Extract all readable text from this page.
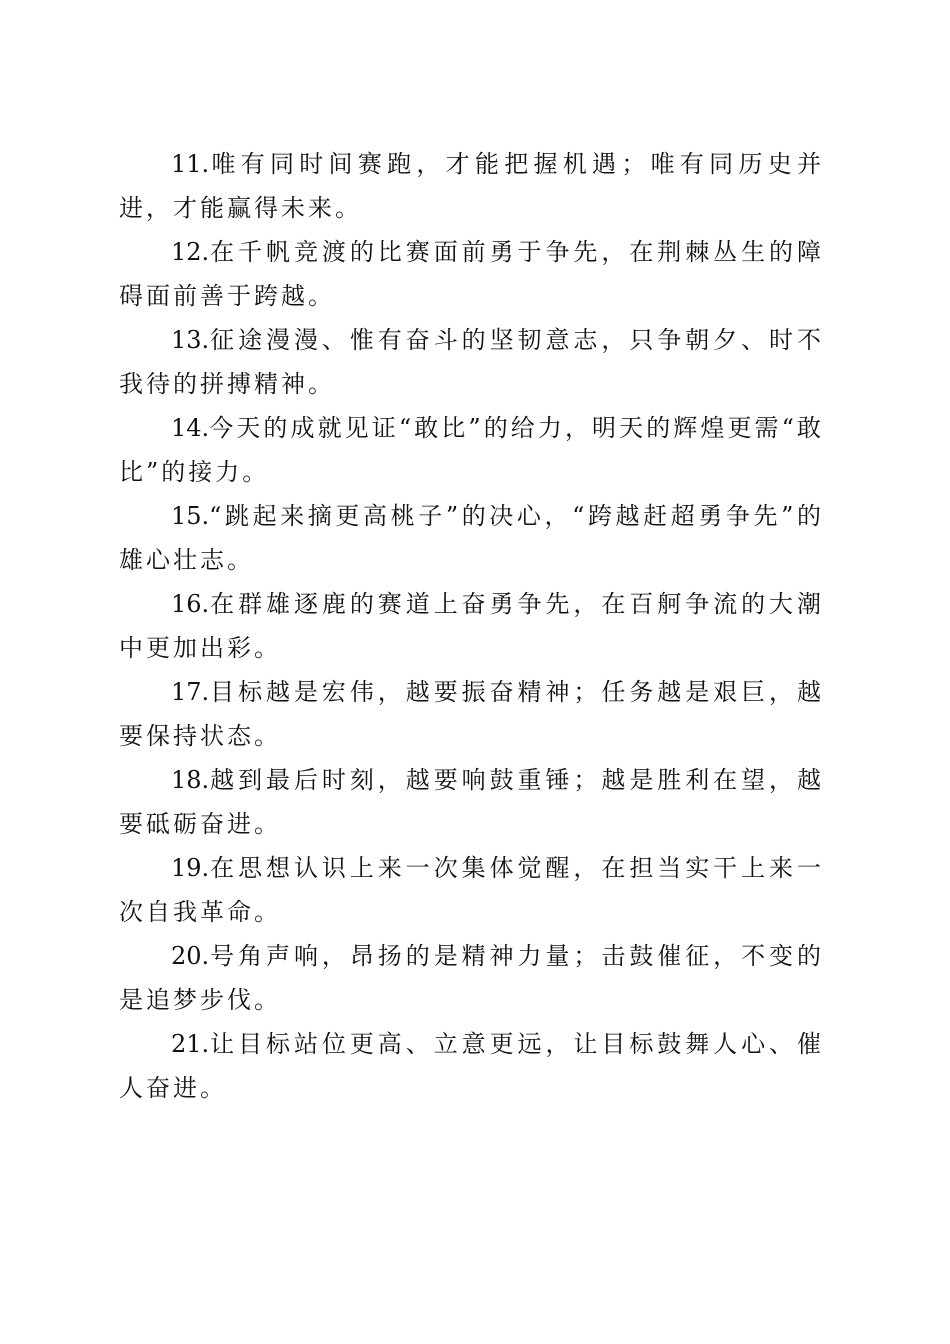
11.唯有同时间赛跑，才能把握机遇；唯有同历史并进，才能赢得未来。

12.在千帆竞渡的比赛面前勇于争先，在荆棘丛生的障碍面前善于跨越。

13.征途漫漫、惟有奋斗的坚韧意志，只争朝夕、时不我待的拼搏精神。

14.今天的成就见证“敢比”的给力，明天的辉煌更需“敢比”的接力。

15.“跳起来摘更高桃子”的决心，“跨越赶超勇争先”的雄心壮志。

16.在群雄逐鹿的赛道上奋勇争先，在百舸争流的大潮中更加出彩。

17.目标越是宏伟，越要振奋精神；任务越是艰巨，越要保持状态。

18.越到最后时刻，越要响鼓重锤；越是胜利在望，越要砥砺奋进。

19.在思想认识上来一次集体觉醒，在担当实干上来一次自我革命。

20.号角声响，昂扬的是精神力量；击鼓催征，不变的是追梦步伐。

21.让目标站位更高、立意更远，让目标鼓舞人心、催人奋进。
